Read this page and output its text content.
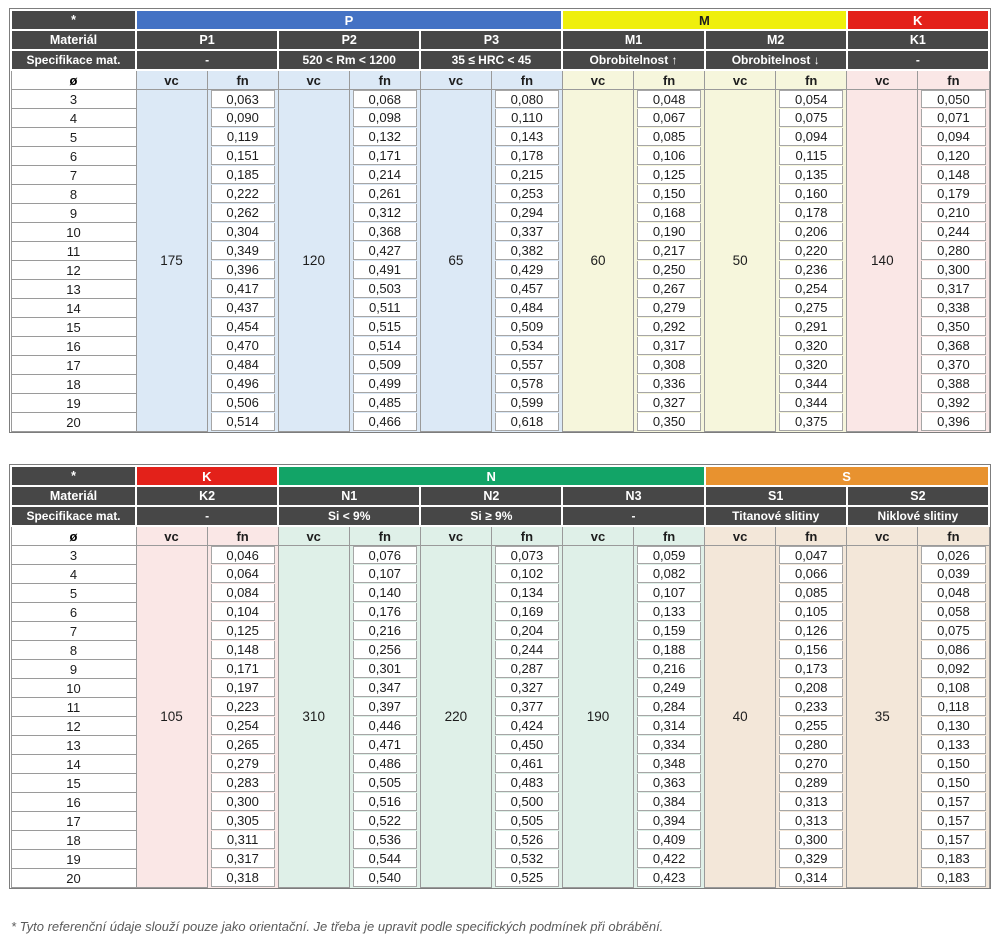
*	P						M				K	
Materiál	P1		P2		P3		M1		M2		K1	
Specifikace mat.	-		520 < Rm < 1200		35 ≤ HRC < 45		Obrobitelnost ↑		Obrobitelnost ↓		-	
ø	vc	fn	vc	fn	vc	fn	vc	fn	vc	fn	vc	fn
3	175	0,063	120	0,068	65	0,080	60	0,048	50	0,054	140	0,050

4		0,090		0,098		0,110		0,067		0,075		0,071

5		0,119		0,132		0,143		0,085		0,094		0,094

6		0,151		0,171		0,178		0,106		0,115		0,120

7		0,185		0,214		0,215		0,125		0,135		0,148

8		0,222		0,261		0,253		0,150		0,160		0,179

9		0,262		0,312		0,294		0,168		0,178		0,210

10		0,304		0,368		0,337		0,190		0,206		0,244

11		0,349		0,427		0,382		0,217		0,220		0,280

12		0,396		0,491		0,429		0,250		0,236		0,300

13		0,417		0,503		0,457		0,267		0,254		0,317

14		0,437		0,511		0,484		0,279		0,275		0,338

15		0,454		0,515		0,509		0,292		0,291		0,350

16		0,470		0,514		0,534		0,317		0,320		0,368

17		0,484		0,509		0,557		0,308		0,320		0,370

18		0,496		0,499		0,578		0,336		0,344		0,388

19		0,506		0,485		0,599		0,327		0,344		0,392

20		0,514		0,466		0,618		0,350		0,375		0,396
*	K		N						S			
Materiál	K2		N1		N2		N3		S1		S2	
Specifikace mat.	-		Si < 9%		Si ≥ 9%		-		Titanové slitiny		Niklové slitiny	
ø	vc	fn	vc	fn	vc	fn	vc	fn	vc	fn	vc	fn
3	105	0,046	310	0,076	220	0,073	190	0,059	40	0,047	35	0,026

4		0,064		0,107		0,102		0,082		0,066		0,039

5		0,084		0,140		0,134		0,107		0,085		0,048

6		0,104		0,176		0,169		0,133		0,105		0,058

7		0,125		0,216		0,204		0,159		0,126		0,075

8		0,148		0,256		0,244		0,188		0,156		0,086

9		0,171		0,301		0,287		0,216		0,173		0,092

10		0,197		0,347		0,327		0,249		0,208		0,108

11		0,223		0,397		0,377		0,284		0,233		0,118

12		0,254		0,446		0,424		0,314		0,255		0,130

13		0,265		0,471		0,450		0,334		0,280		0,133

14		0,279		0,486		0,461		0,348		0,270		0,150

15		0,283		0,505		0,483		0,363		0,289		0,150

16		0,300		0,516		0,500		0,384		0,313		0,157

17		0,305		0,522		0,505		0,394		0,313		0,157

18		0,311		0,536		0,526		0,409		0,300		0,157

19		0,317		0,544		0,532		0,422		0,329		0,183

20		0,318		0,540		0,525		0,423		0,314		0,183
* Tyto referenční údaje slouží pouze jako orientační. Je třeba je upravit podle specifických podmínek při obrábění.
